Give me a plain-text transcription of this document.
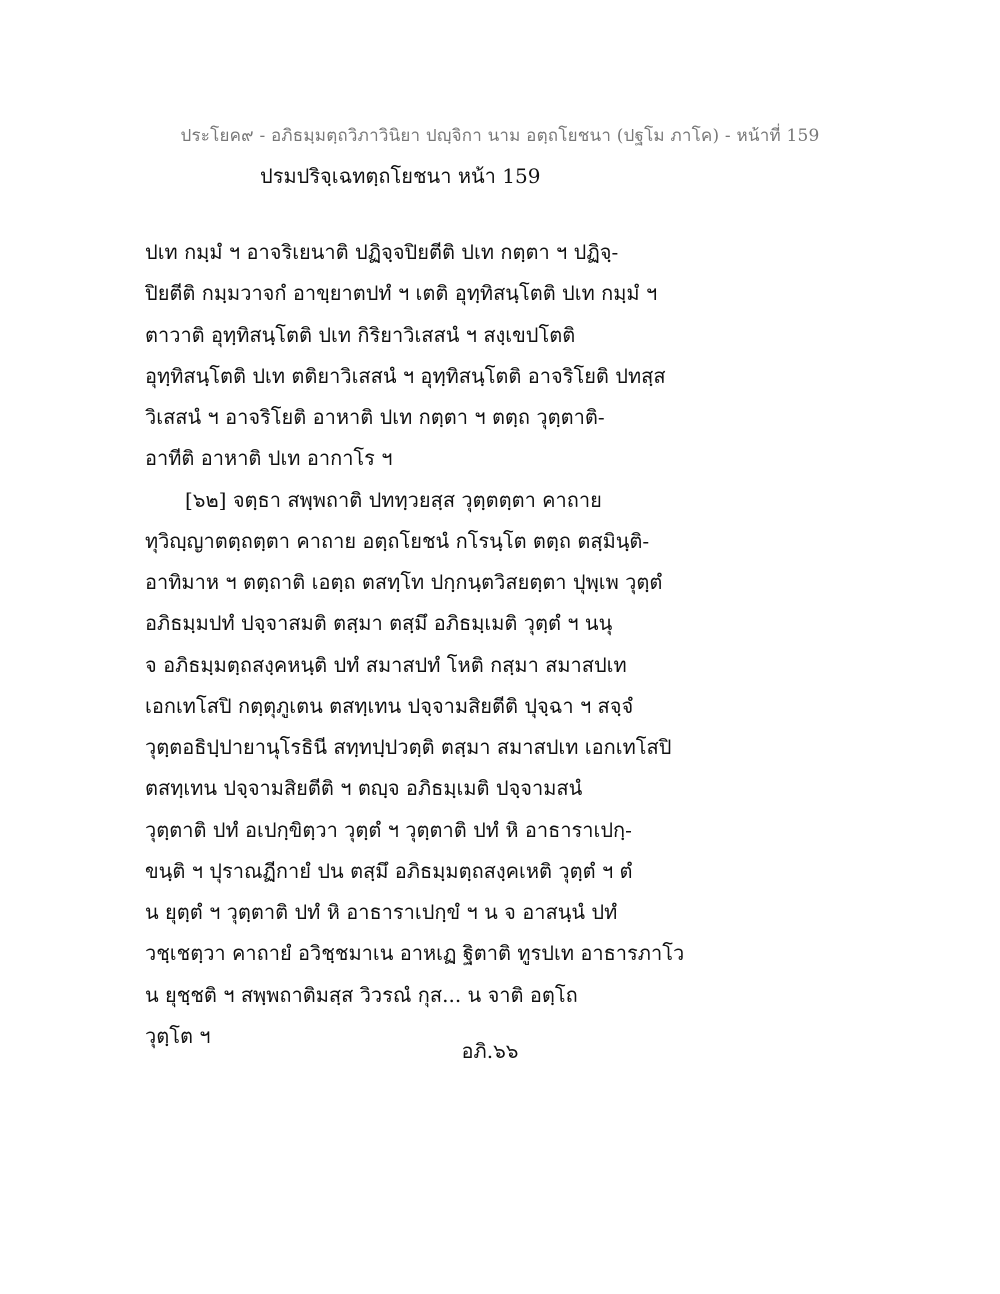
ประโยค๙ - อภิธมฺมตฺถวิภาวินิยา ปญฺจิกา นาม อตฺถโยชนา (ปฐโม ภาโค) - หน้าที่ 159
ปรมปริจฺเฉทตฺถโยชนา หน้า 159
ปเท กมฺมํ ฯ อาจริเยนาติ ปฏิจฺจปิยตีติ ปเท กตฺตา ฯ ปฏิจฺ-
ปิยตีติ กมฺมวาจกํ อาขฺยาตปทํ ฯ เตติ อุทฺทิสนฺโตติ ปเท กมฺมํ ฯ
ตาวาติ อุทฺทิสนฺโตติ ปเท กิริยาวิเสสนํ ฯ สงฺเขปโตติ
อุทฺทิสนฺโตติ ปเท ตติยาวิเสสนํ ฯ อุทฺทิสนฺโตติ อาจริโยติ ปทสฺส
วิเสสนํ ฯ อาจริโยติ อาหาติ ปเท กตฺตา ฯ ตตฺถ วุตฺตาติ-
อาทีติ อาหาติ ปเท อากาโร ฯ
[๖๒] จตฺธา สพฺพถาติ ปททฺวยสฺส วุตฺตตฺตา คาถาย
ทุวิญฺญาตตฺถตฺตา คาถาย อตฺถโยชนํ กโรนฺโต ตตฺถ ตสฺมินฺติ-
อาทิมาห ฯ ตตฺถาติ เอตฺถ ตสทฺโท ปกฺกนฺตวิสยตฺตา ปุพฺเพ วุตฺตํ
อภิธมฺมปทํ ปจฺจาสมติ ตสฺมา ตสฺมึ อภิธมฺเมติ วุตฺตํ ฯ นนุ
จ อภิธมฺมตฺถสงฺคหนฺติ ปทํ สมาสปทํ โหติ กสฺมา สมาสปเท
เอกเทโสปิ กตฺตุภูเตน ตสทฺเทน ปจฺจามสิยตีติ ปุจฺฉา ฯ สจฺจํ
วุตฺตอธิปฺปายานุโรธินี สทฺทปฺปวตฺติ ตสฺมา สมาสปเท เอกเทโสปิ
ตสทฺเทน ปจฺจามสิยตีติ ฯ ตญฺจ อภิธมฺเมติ ปจฺจามสนํ
วุตฺตาติ ปทํ อเปกฺขิตฺวา วุตฺตํ ฯ วุตฺตาติ ปทํ หิ อาธาราเปกฺ-
ขนฺติ ฯ ปุราณฏีกายํ ปน ตสฺมึ อภิธมฺมตฺถสงฺคเหติ วุตฺตํ ฯ ตํ
น ยุตฺตํ ฯ วุตฺตาติ ปทํ หิ อาธาราเปกฺขํ ฯ น จ อาสนฺนํ ปทํ
วชฺเชตฺวา คาถายํ อวิชฺชมาเน อาหเฏ ฐิตาติ ทูรปเท อาธารภาโว
น ยุชฺชติ ฯ สพฺพถาติมสฺส วิวรณํ กุส... น จาติ อตฺโถ
วุตฺโต ฯ
อภิ.๖๖
